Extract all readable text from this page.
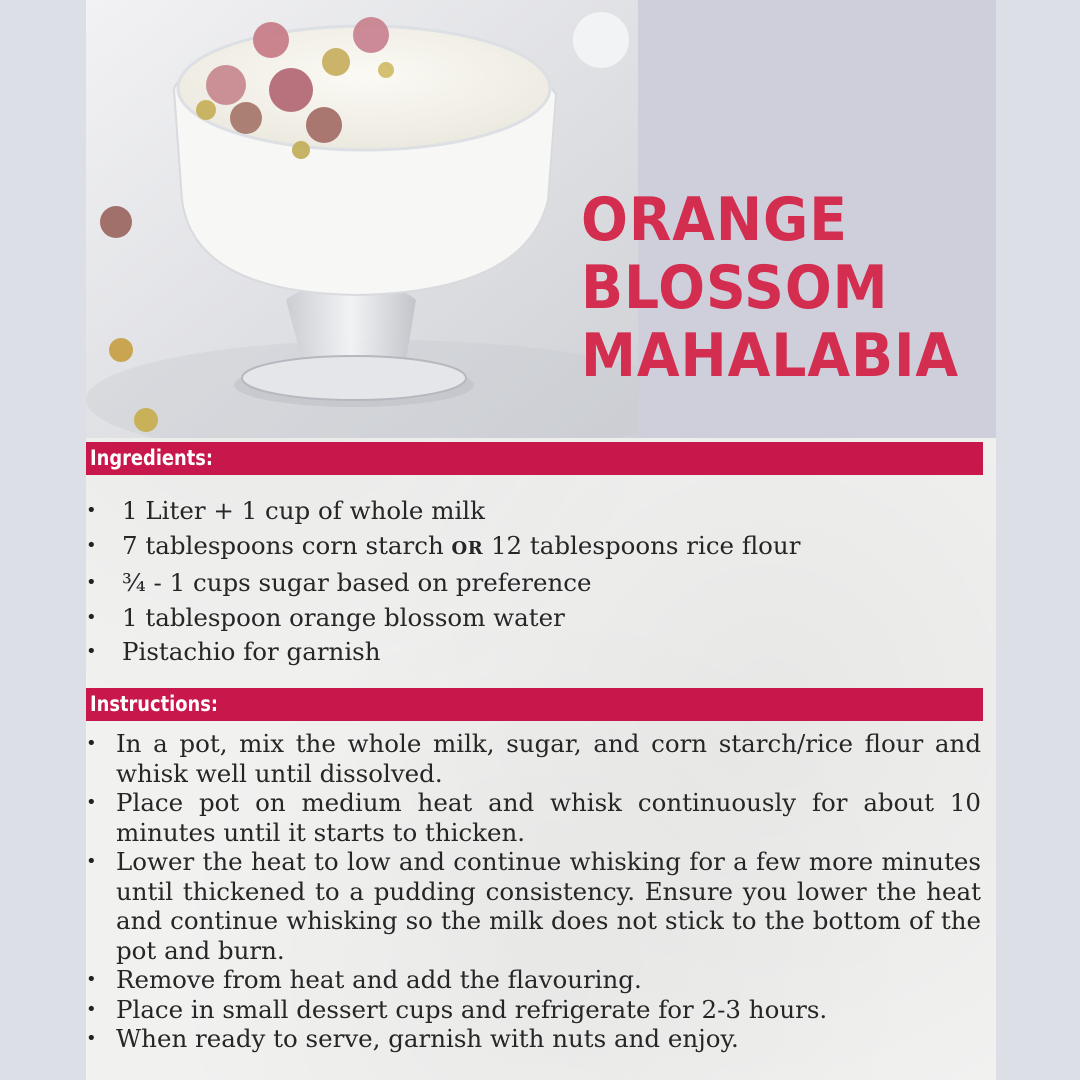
ORANGE
BLOSSOM
MAHALABIA
Ingredients:
• 1 Liter + 1 cup of whole milk
• 7 tablespoons corn starch OR 12 tablespoons rice flour
• ¾ - 1 cups sugar based on preference
• 1 tablespoon orange blossom water
• Pistachio for garnish
Instructions:
• In a pot, mix the whole milk, sugar, and corn starch/rice flour and whisk well until dissolved.
• Place pot on medium heat and whisk continuously for about 10 minutes until it starts to thicken.
• Lower the heat to low and continue whisking for a few more minutes until thickened to a pudding consistency. Ensure you lower the heat and continue whisking so the milk does not stick to the bottom of the pot and burn.
• Remove from heat and add the flavouring.
• Place in small dessert cups and refrigerate for 2-3 hours.
• When ready to serve, garnish with nuts and enjoy.
